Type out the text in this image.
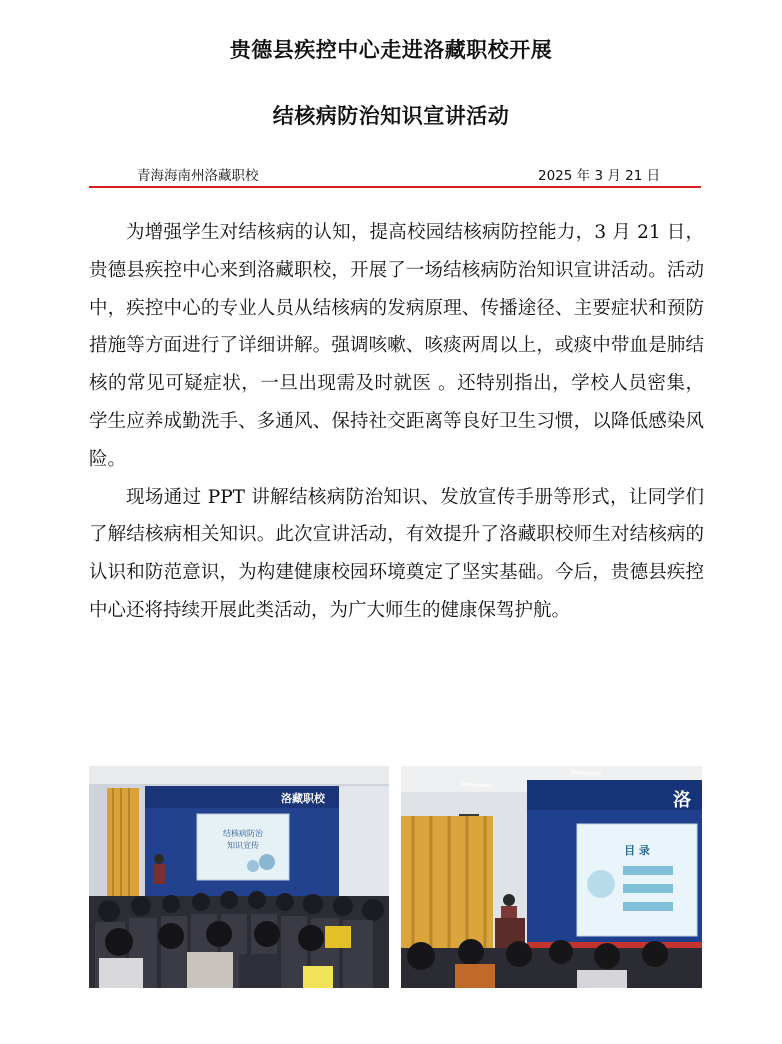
贵德县疾控中心走进洛藏职校开展
结核病防治知识宣讲活动
青海海南州洛藏职校	2025 年 3 月 21 日

为增强学生对结核病的认知，提高校园结核病防控能力，3 月 21 日，贵德县疾控中心来到洛藏职校，开展了一场结核病防治知识宣讲活动。活动中，疾控中心的专业人员从结核病的发病原理、传播途径、主要症状和预防措施等方面进行了详细讲解。强调咳嗽、咳痰两周以上，或痰中带血是肺结核的常见可疑症状，一旦出现需及时就医 。还特别指出，学校人员密集，学生应养成勤洗手、多通风、保持社交距离等良好卫生习惯，以降低感染风险。

现场通过 PPT 讲解结核病防治知识、发放宣传手册等形式，让同学们了解结核病相关知识。此次宣讲活动，有效提升了洛藏职校师生对结核病的认识和防范意识，为构建健康校园环境奠定了坚实基础。今后，贵德县疾控中心还将持续开展此类活动，为广大师生的健康保驾护航。

洛藏职校
结核病防治
知识宣传
洛
目 录
